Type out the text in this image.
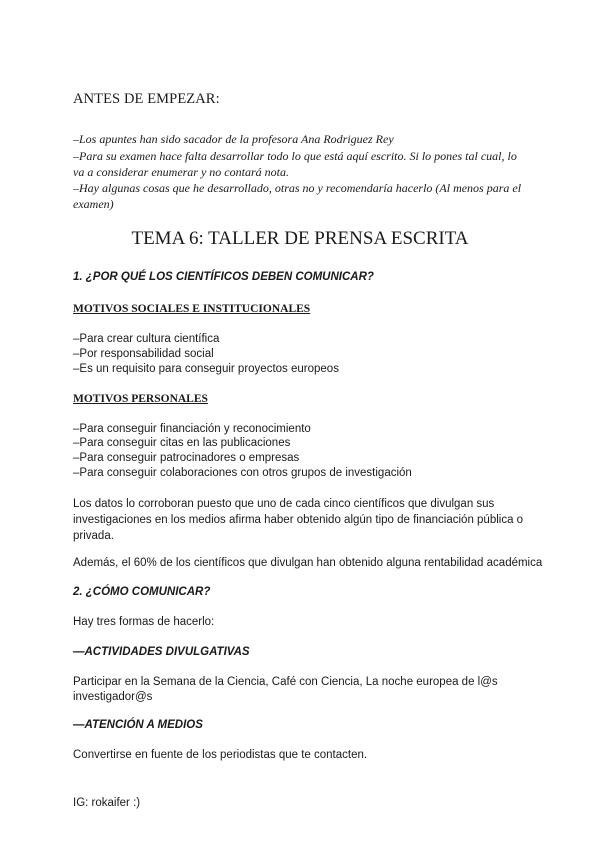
ANTES DE EMPEZAR:
–Los apuntes han sido sacador de la profesora Ana Rodriguez Rey
–Para su examen hace falta desarrollar todo lo que está aquí escrito. Si lo pones tal cual, lo
va a considerar enumerar y no contará nota.
–Hay algunas cosas que he desarrollado, otras no y recomendaría hacerlo (Al menos para el
examen)
TEMA 6: TALLER DE PRENSA ESCRITA
1. ¿POR QUÉ LOS CIENTÍFICOS DEBEN COMUNICAR?
MOTIVOS SOCIALES E INSTITUCIONALES
–Para crear cultura científica
–Por responsabilidad social
–Es un requisito para conseguir proyectos europeos
MOTIVOS PERSONALES
–Para conseguir financiación y reconocimiento
–Para conseguir citas en las publicaciones
–Para conseguir patrocinadores o empresas
–Para conseguir colaboraciones con otros grupos de investigación
Los datos lo corroboran puesto que uno de cada cinco científicos que divulgan sus
investigaciones en los medios afirma haber obtenido algún tipo de financiación pública o
privada.
Además, el 60% de los científicos que divulgan han obtenido alguna rentabilidad académica
2. ¿CÓMO COMUNICAR?
Hay tres formas de hacerlo:
—ACTIVIDADES DIVULGATIVAS
Participar en la Semana de la Ciencia, Café con Ciencia, La noche europea de l@s
investigador@s
—ATENCIÓN A MEDIOS
Convertirse en fuente de los periodistas que te contacten.
IG: rokaifer :)
